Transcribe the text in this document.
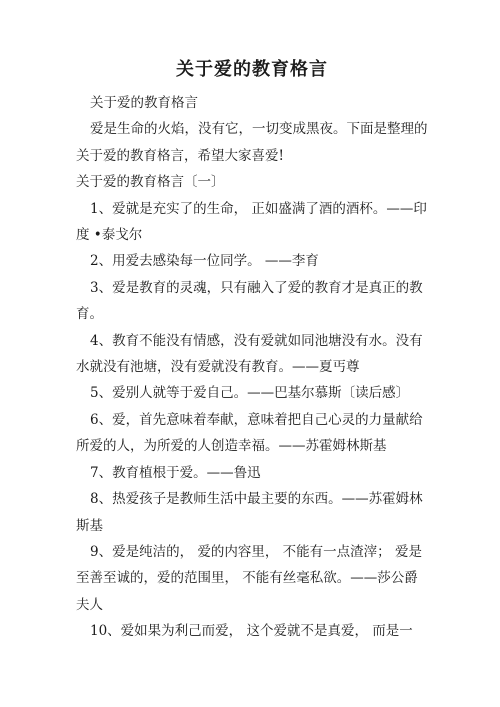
关于爱的教育格言

关于爱的教育格言

爱是生命的火焰，没有它，一切变成黑夜。下面是整理的关于爱的教育格言，希望大家喜爱!

关于爱的教育格言〔一〕

1、爱就是充实了的生命， 正如盛满了酒的酒杯。——印度 •泰戈尔

2、用爱去感染每一位同学。 ——李育

3、爱是教育的灵魂，只有融入了爱的教育才是真正的教育。

4、教育不能没有情感，没有爱就如同池塘没有水。没有水就没有池塘，没有爱就没有教育。——夏丐尊

5、爱别人就等于爱自己。——巴基尔慕斯〔读后感〕

6、爱，首先意味着奉献，意味着把自己心灵的力量献给所爱的人，为所爱的人创造幸福。——苏霍姆林斯基

7、教育植根于爱。——鲁迅

8、热爱孩子是教师生活中最主要的东西。——苏霍姆林斯基

9、爱是纯洁的， 爱的内容里， 不能有一点渣滓； 爱是至善至诚的，爱的范围里， 不能有丝毫私欲。——莎公爵夫人

10、爱如果为利己而爱， 这个爱就不是真爱， 而是一
